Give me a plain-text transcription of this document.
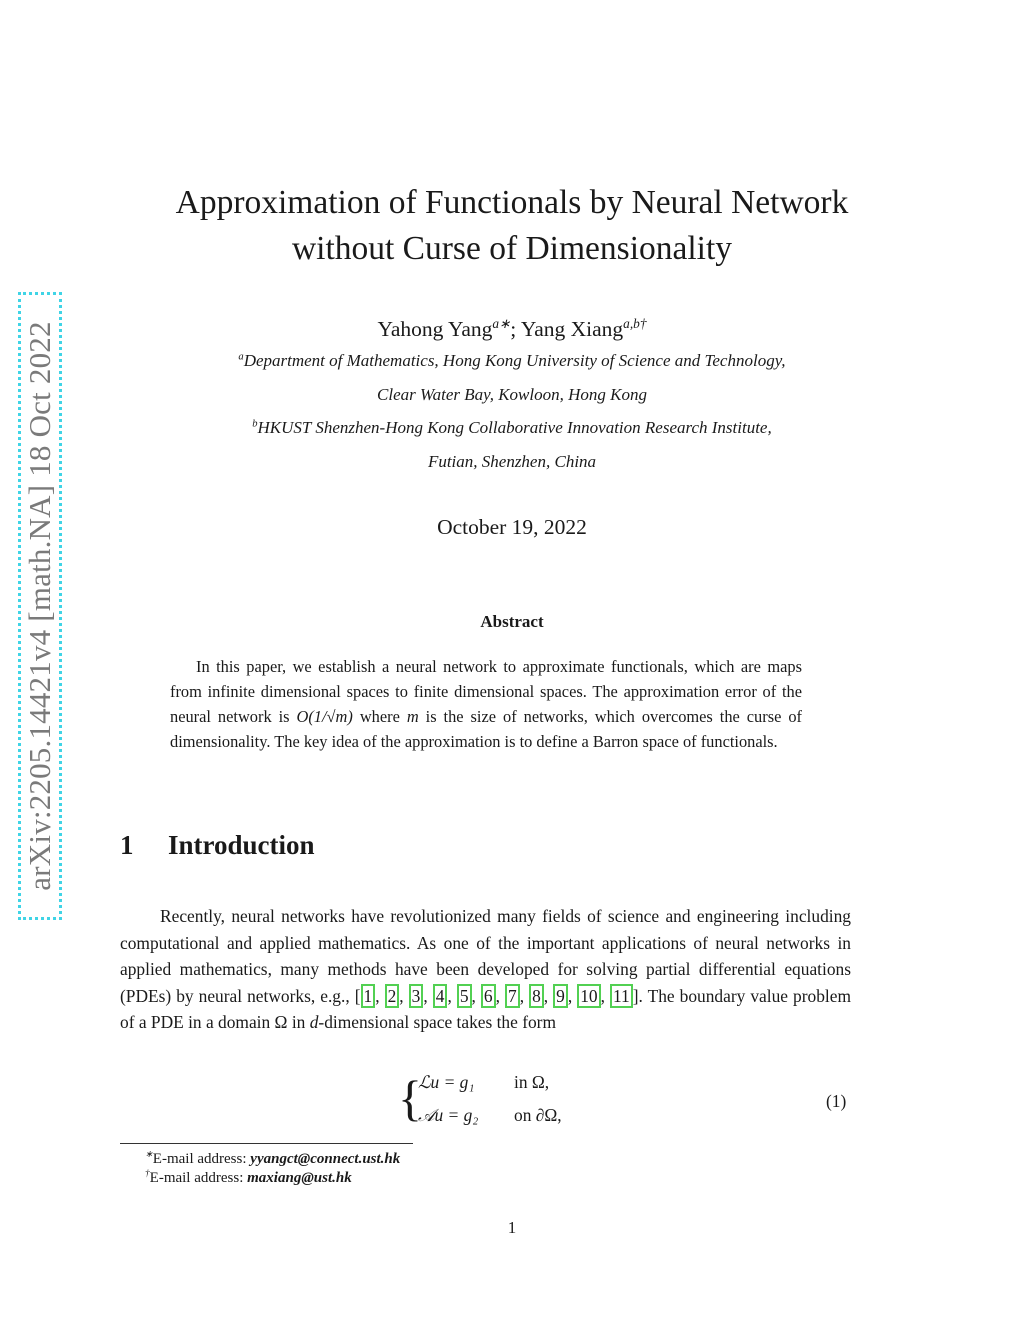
arXiv:2205.14421v4 [math.NA] 18 Oct 2022
Approximation of Functionals by Neural Network
without Curse of Dimensionality
Yahong Yang$^{a∗}$; Yang Xiang$^{a,b\dagger}$
$^a$Department of Mathematics, Hong Kong University of Science and Technology,
Clear Water Bay, Kowloon, Hong Kong
$^b$HKUST Shenzhen-Hong Kong Collaborative Innovation Research Institute,
Futian, Shenzhen, China
October 19, 2022
Abstract
In this paper, we establish a neural network to approximate functionals, which are maps from infinite dimensional spaces to finite dimensional spaces. The approximation error of the neural network is O(1/√m) where m is the size of networks, which overcomes the curse of dimensionality. The key idea of the approximation is to define a Barron space of functionals.
1 Introduction
Recently, neural networks have revolutionized many fields of science and engineering including computational and applied mathematics. As one of the important applications of neural networks in applied mathematics, many methods have been developed for solving partial differential equations (PDEs) by neural networks, e.g., [ 1 , 2 , 3 , 4 , 5 , 6 , 7 , 8 , 9 , 10 , 11 ]. The boundary value problem of a PDE in a domain Ω in d-dimensional space takes the form
{
ℒu = g₁ in Ω,
𝒜u = g₂ on ∂Ω,
(1)
∗E-mail address: yyangct@connect.ust.hk
†E-mail address: maxiang@ust.hk
1
